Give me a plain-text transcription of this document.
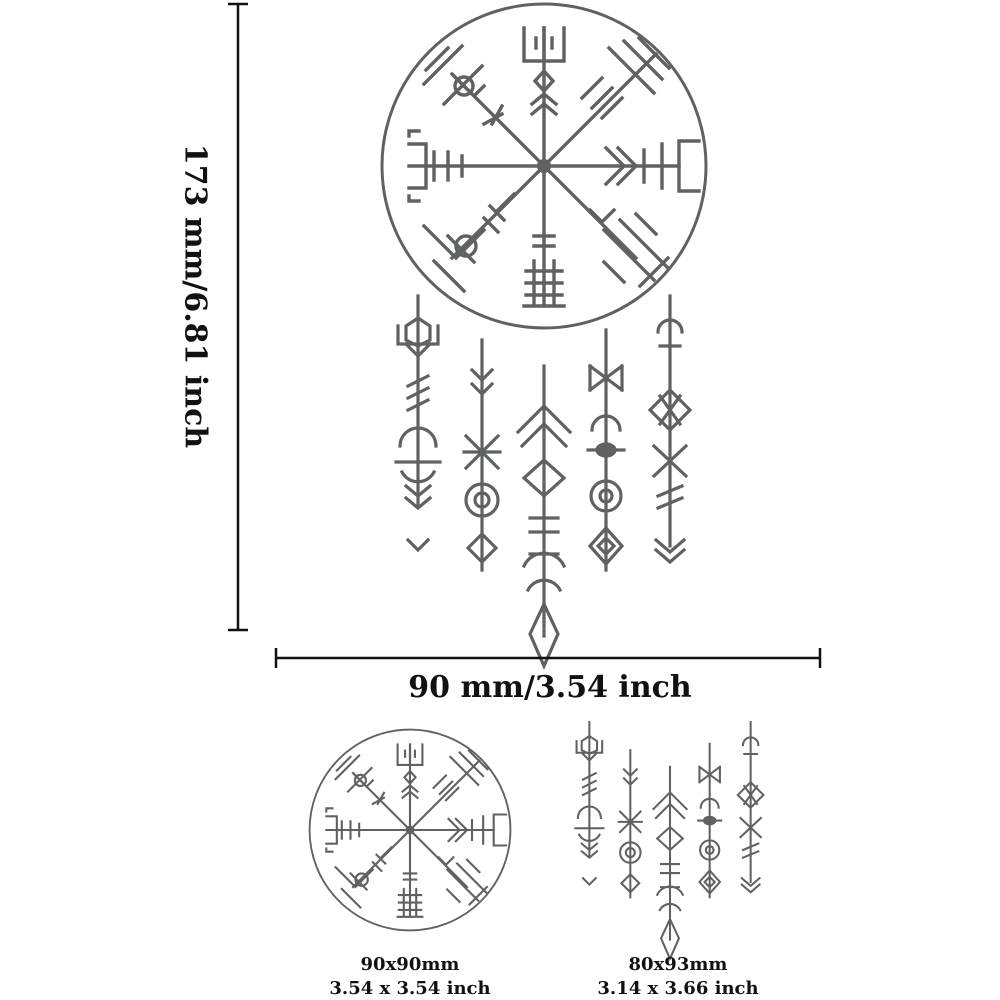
173 mm/6.81 inch
90 mm/3.54 inch
90x90mm
3.54 x 3.54 inch
80x93mm
3.14 x 3.66 inch
